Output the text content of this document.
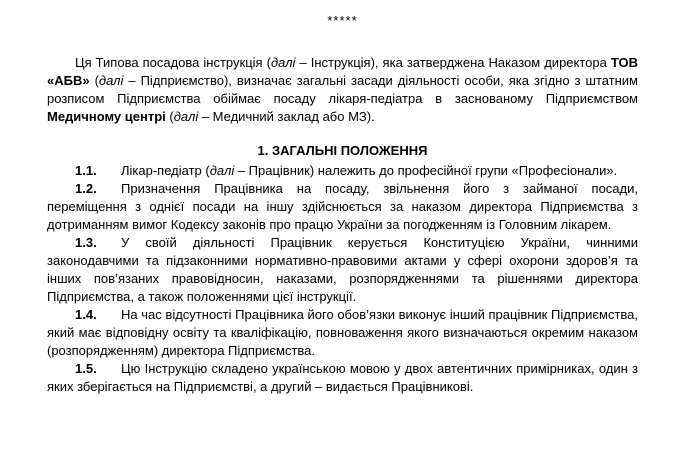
*****

Ця Типова посадова інструкція (далі – Інструкція), яка затверджена Наказом директора ТОВ «АБВ» (далі – Підприємство), визначає загальні засади діяльності особи, яка згідно з штатним розписом Підприємства обіймає посаду лікаря-педіатра в заснованому Підприємством Медичному центрі (далі – Медичний заклад або МЗ).

1. ЗАГАЛЬНІ ПОЛОЖЕННЯ

1.1. Лікар-педіатр (далі – Працівник) належить до професійної групи «Професіонали».

1.2. Призначення Працівника на посаду, звільнення його з займаної посади, переміщення з однієї посади на іншу здійснюється за наказом директора Підприємства з дотриманням вимог Кодексу законів про працю України за погодженням із Головним лікарем.

1.3. У своїй діяльності Працівник керується Конституцією України, чинними законодавчими та підзаконними нормативно-правовими актами у сфері охорони здоров’я та інших пов’язаних правовідносин, наказами, розпорядженнями та рішеннями директора Підприємства, а також положеннями цієї інструкції.

1.4. На час відсутності Працівника його обов’язки виконує інший працівник Підприємства, який має відповідну освіту та кваліфікацію, повноваження якого визначаються окремим наказом (розпорядженням) директора Підприємства.

1.5. Цю Інструкцію складено українською мовою у двох автентичних примірниках, один з яких зберігається на Підприємстві, а другий – видається Працівникові.
